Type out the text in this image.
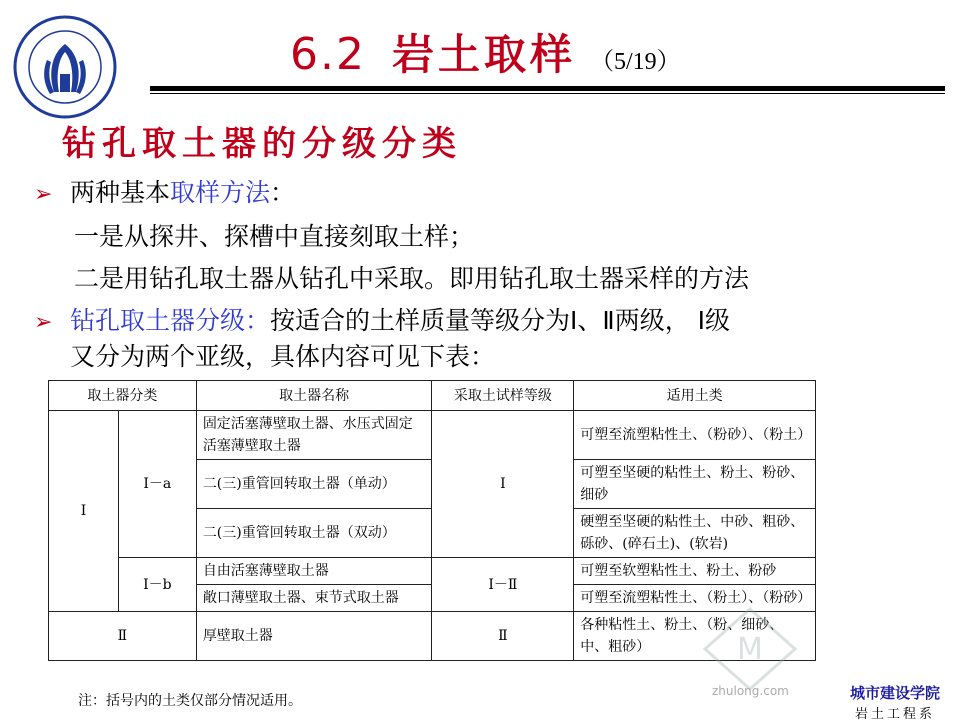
6.2 岩土取样 （5/19）
钻孔取土器的分级分类
➢ 两种基本取样方法：
一是从探井、探槽中直接刻取土样；
二是用钻孔取土器从钻孔中采取。即用钻孔取土器采样的方法
➢ 钻孔取土器分级：按适合的土样质量等级分为Ⅰ、Ⅱ两级， Ⅰ级
又分为两个亚级，具体内容可见下表：
取土器分类		取土器名称	采取土试样等级	适用土类
Ⅰ	Ⅰ－a	固定活塞薄壁取土器、水压式固定活塞薄壁取土器	Ⅰ	可塑至流塑粘性土、（粉砂）、（粉土）
		二(三)重管回转取土器（单动）		可塑至坚硬的粘性土、粉土、粉砂、细砂
		二(三)重管回转取土器（双动）		硬塑至坚硬的粘性土、中砂、粗砂、砾砂、(碎石土)、(软岩)
	Ⅰ－b	自由活塞薄壁取土器	Ⅰ－Ⅱ	可塑至软塑粘性土、粉土、粉砂
		敞口薄壁取土器、束节式取土器		可塑至流塑粘性土、（粉土）、（粉砂）
Ⅱ		厚壁取土器	Ⅱ	各种粘性土、粉土、（粉、细砂、中、粗砂）
注：括号内的土类仅部分情况适用。
M
zhulong.com	城市建设学院
岩土工程系
